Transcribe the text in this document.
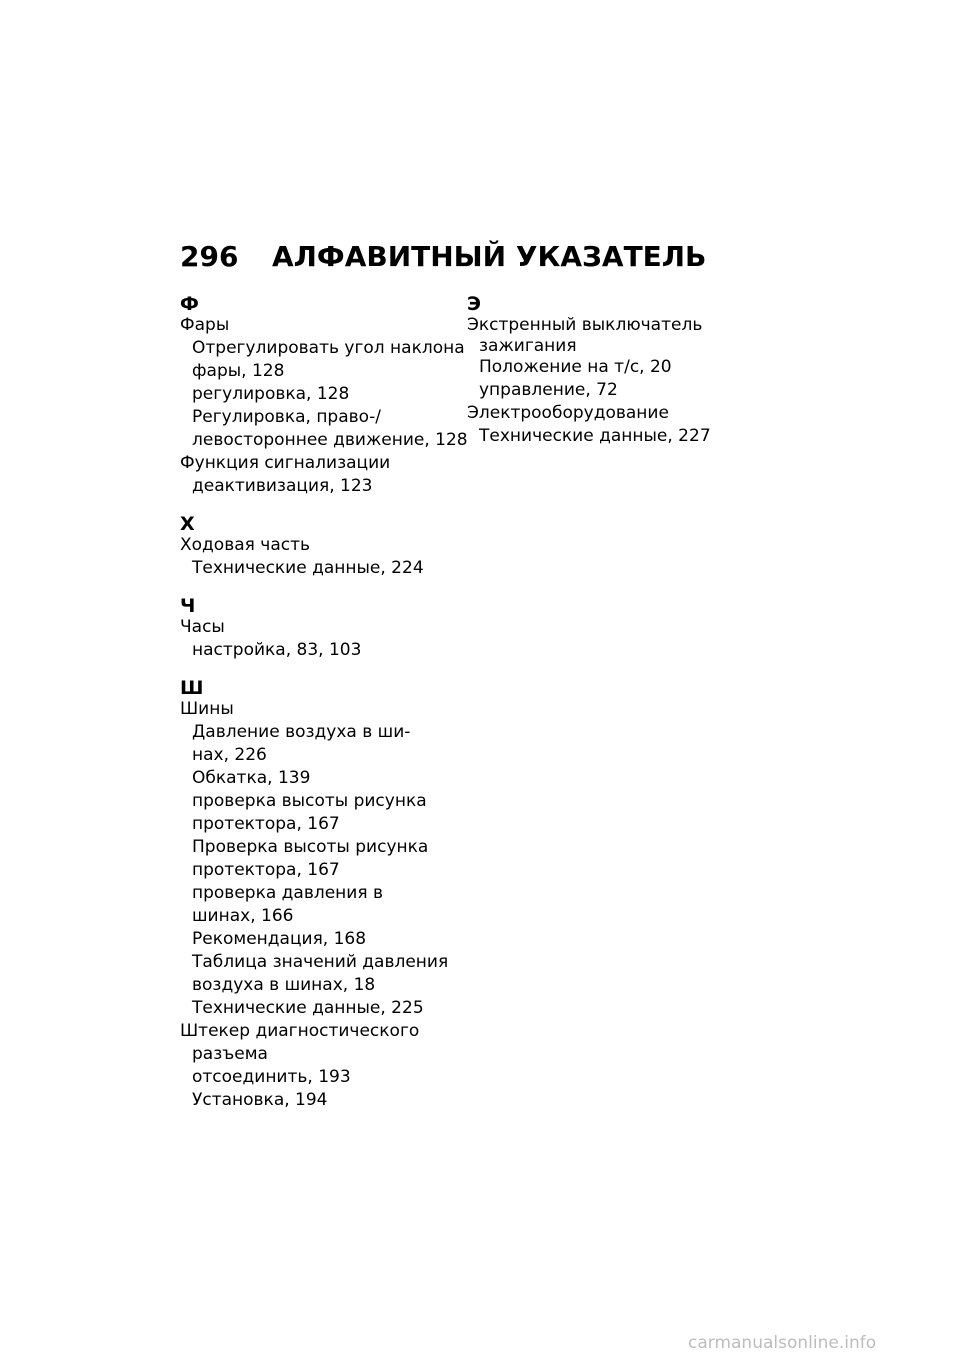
296	АЛФАВИТНЫЙ УКАЗАТЕЛЬ
Ф
Фары
Отрегулировать угол наклона
фары, 128
регулировка, 128
Регулировка, право-/
левостороннее движение, 128
Функция сигнализации
деактивизация, 123
Х
Ходовая часть
Технические данные, 224
Ч
Часы
настройка, 83, 103
Ш
Шины
Давление воздуха в ши-
нах, 226
Обкатка, 139
проверка высоты рисунка
протектора, 167
Проверка высоты рисунка
протектора, 167
проверка давления в
шинах, 166
Рекомендация, 168
Таблица значений давления
воздуха в шинах, 18
Технические данные, 225
Штекер диагностического
разъема
отсоединить, 193
Установка, 194
Э
Экстренный выключатель
зажигания
Положение на т/с, 20
управление, 72
Электрооборудование
Технические данные, 227
carmanualsonline.info
